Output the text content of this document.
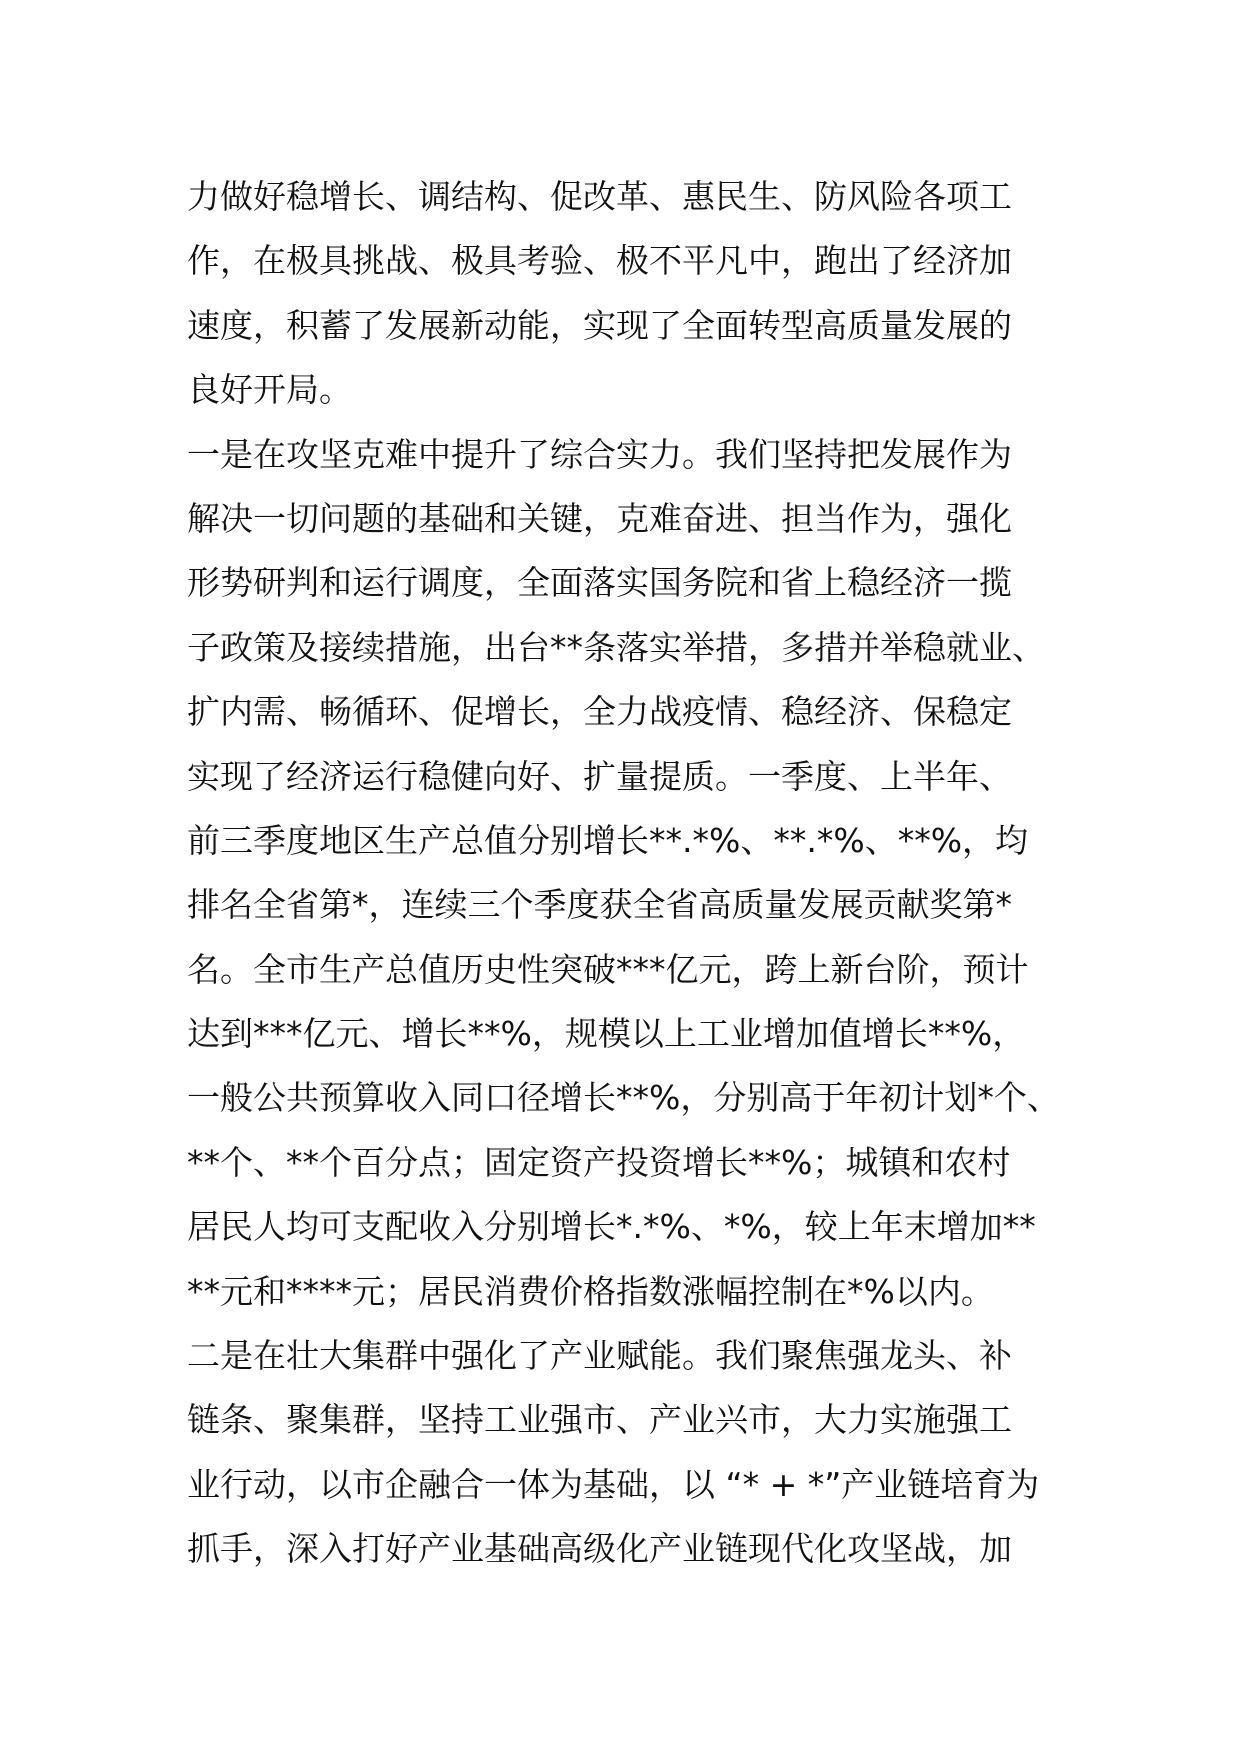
力做好稳增长、调结构、促改革、惠民生、防风险各项工
作，在极具挑战、极具考验、极不平凡中，跑出了经济加
速度，积蓄了发展新动能，实现了全面转型高质量发展的
良好开局。
一是在攻坚克难中提升了综合实力。我们坚持把发展作为
解决一切问题的基础和关键，克难奋进、担当作为，强化
形势研判和运行调度，全面落实国务院和省上稳经济一揽
子政策及接续措施，出台**条落实举措，多措并举稳就业、
扩内需、畅循环、促增长，全力战疫情、稳经济、保稳定
实现了经济运行稳健向好、扩量提质。一季度、上半年、
前三季度地区生产总值分别增长**.*%、**.*%、**%，均
排名全省第*，连续三个季度获全省高质量发展贡献奖第*
名。全市生产总值历史性突破***亿元，跨上新台阶，预计
达到***亿元、增长**%，规模以上工业增加值增长**%，
一般公共预算收入同口径增长**%，分别高于年初计划*个、
**个、**个百分点；固定资产投资增长**%；城镇和农村
居民人均可支配收入分别增长*.*%、*%，较上年末增加**
**元和****元；居民消费价格指数涨幅控制在*%以内。
二是在壮大集群中强化了产业赋能。我们聚焦强龙头、补
链条、聚集群，坚持工业强市、产业兴市，大力实施强工
业行动，以市企融合一体为基础，以 “* + *”产业链培育为
抓手，深入打好产业基础高级化产业链现代化攻坚战，加
